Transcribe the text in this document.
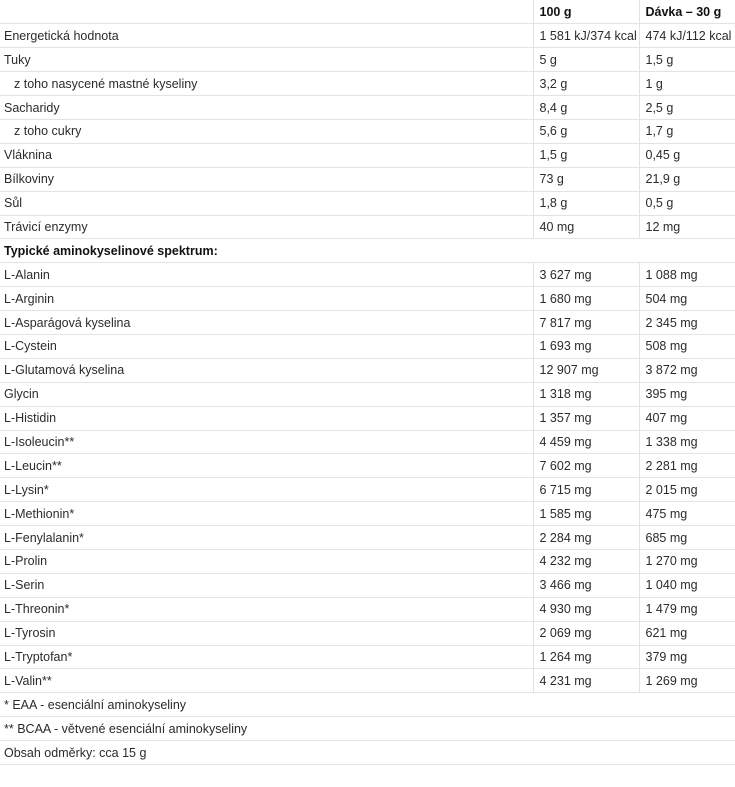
	100 g	Dávka – 30 g
Energetická hodnota	1 581 kJ/374 kcal	474 kJ/112 kcal
Tuky	5 g	1,5 g
z toho nasycené mastné kyseliny	3,2 g	1 g
Sacharidy	8,4 g	2,5 g
z toho cukry	5,6 g	1,7 g
Vláknina	1,5 g	0,45 g
Bílkoviny	73 g	21,9 g
Sůl	1,8 g	0,5 g
Trávicí enzymy	40 mg	12 mg
Typické aminokyselinové spektrum:		
L-Alanin	3 627 mg	1 088 mg
L-Arginin	1 680 mg	504 mg
L-Asparágová kyselina	7 817 mg	2 345 mg
L-Cystein	1 693 mg	508 mg
L-Glutamová kyselina	12 907 mg	3 872 mg
Glycin	1 318 mg	395 mg
L-Histidin	1 357 mg	407 mg
L-Isoleucin**	4 459 mg	1 338 mg
L-Leucin**	7 602 mg	2 281 mg
L-Lysin*	6 715 mg	2 015 mg
L-Methionin*	1 585 mg	475 mg
L-Fenylalanin*	2 284 mg	685 mg
L-Prolin	4 232 mg	1 270 mg
L-Serin	3 466 mg	1 040 mg
L-Threonin*	4 930 mg	1 479 mg
L-Tyrosin	2 069 mg	621 mg
L-Tryptofan*	1 264 mg	379 mg
L-Valin**	4 231 mg	1 269 mg
* EAA - esenciální aminokyseliny		
** BCAA - větvené esenciální aminokyseliny		
Obsah odměrky: cca 15 g		
